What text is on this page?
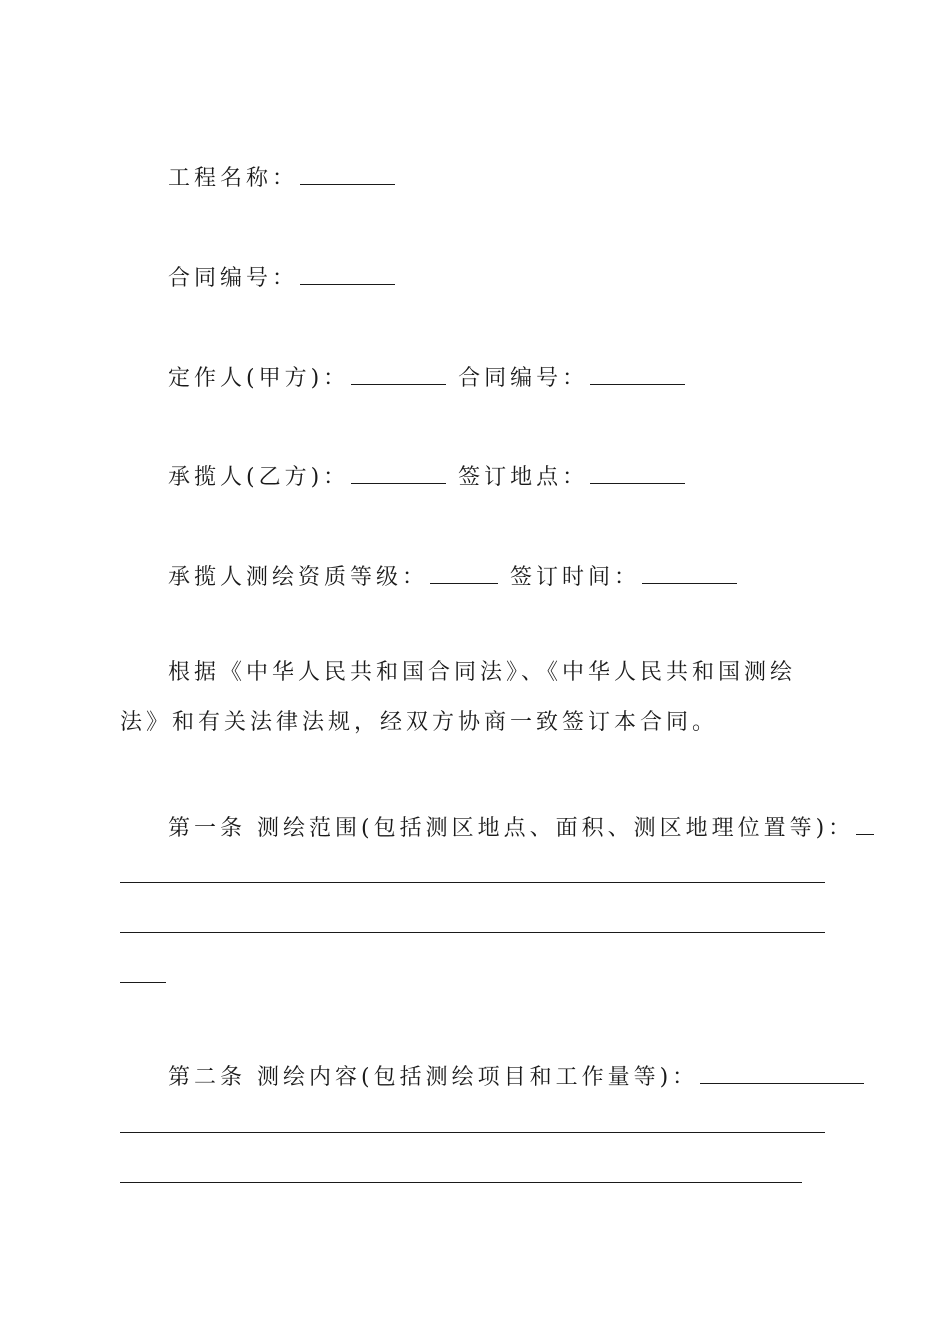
工程名称：
合同编号：
定作人(甲方)：	合同编号：
承揽人(乙方)：	签订地点：
承揽人测绘资质等级：	签订时间：

根据《中华人民共和国合同法》、《中华人民共和国测绘法》和有关法律法规，经双方协商一致签订本合同。

第一条 测绘范围(包括测区地点、面积、测区地理位置等)：
第二条 测绘内容(包括测绘项目和工作量等)：
